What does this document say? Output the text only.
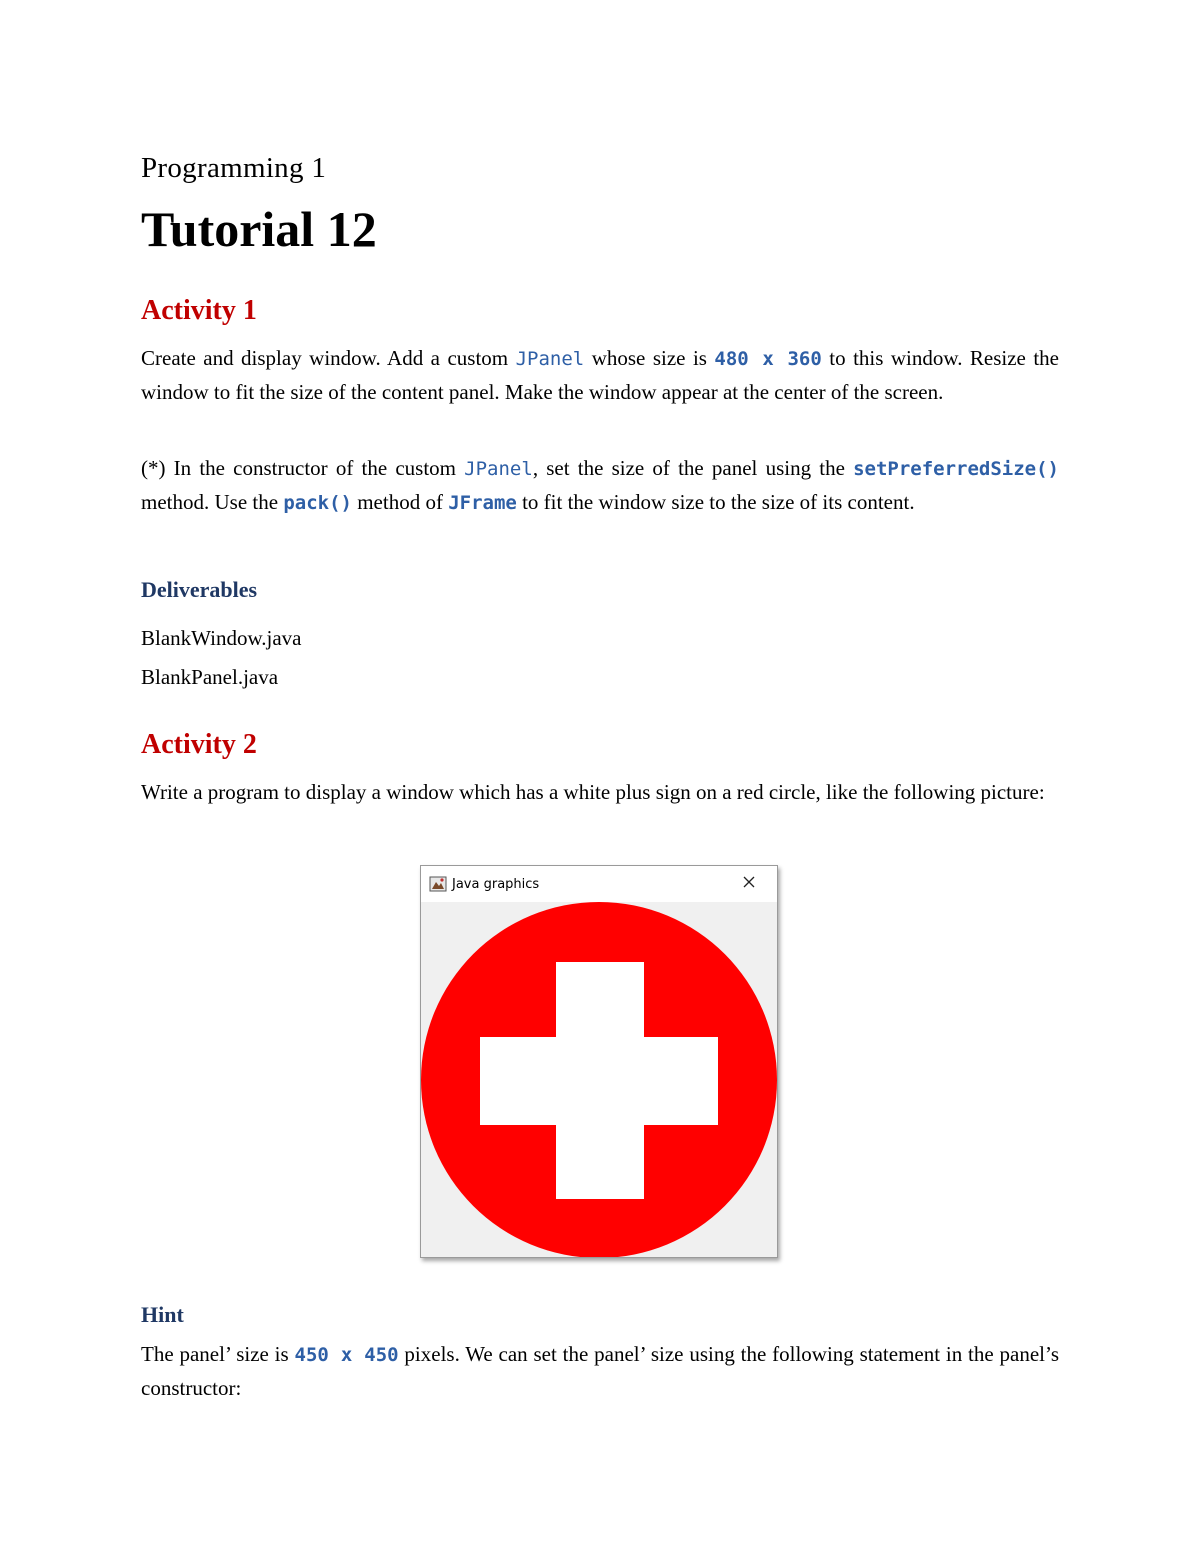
Programming 1
Tutorial 12
Activity 1
Create and display window. Add a custom JPanel whose size is 480 x 360 to this window. Resize the window to fit the size of the content panel. Make the window appear at the center of the screen.
(*) In the constructor of the custom JPanel, set the size of the panel using the setPreferredSize() method. Use the pack() method of JFrame to fit the window size to the size of its content.
Deliverables
BlankWindow.java
BlankPanel.java
Activity 2
Write a program to display a window which has a white plus sign on a red circle, like the following picture:
Hint
The panel’ size is 450 x 450 pixels. We can set the panel’ size using the following statement in the panel’s constructor:
Java graphics
